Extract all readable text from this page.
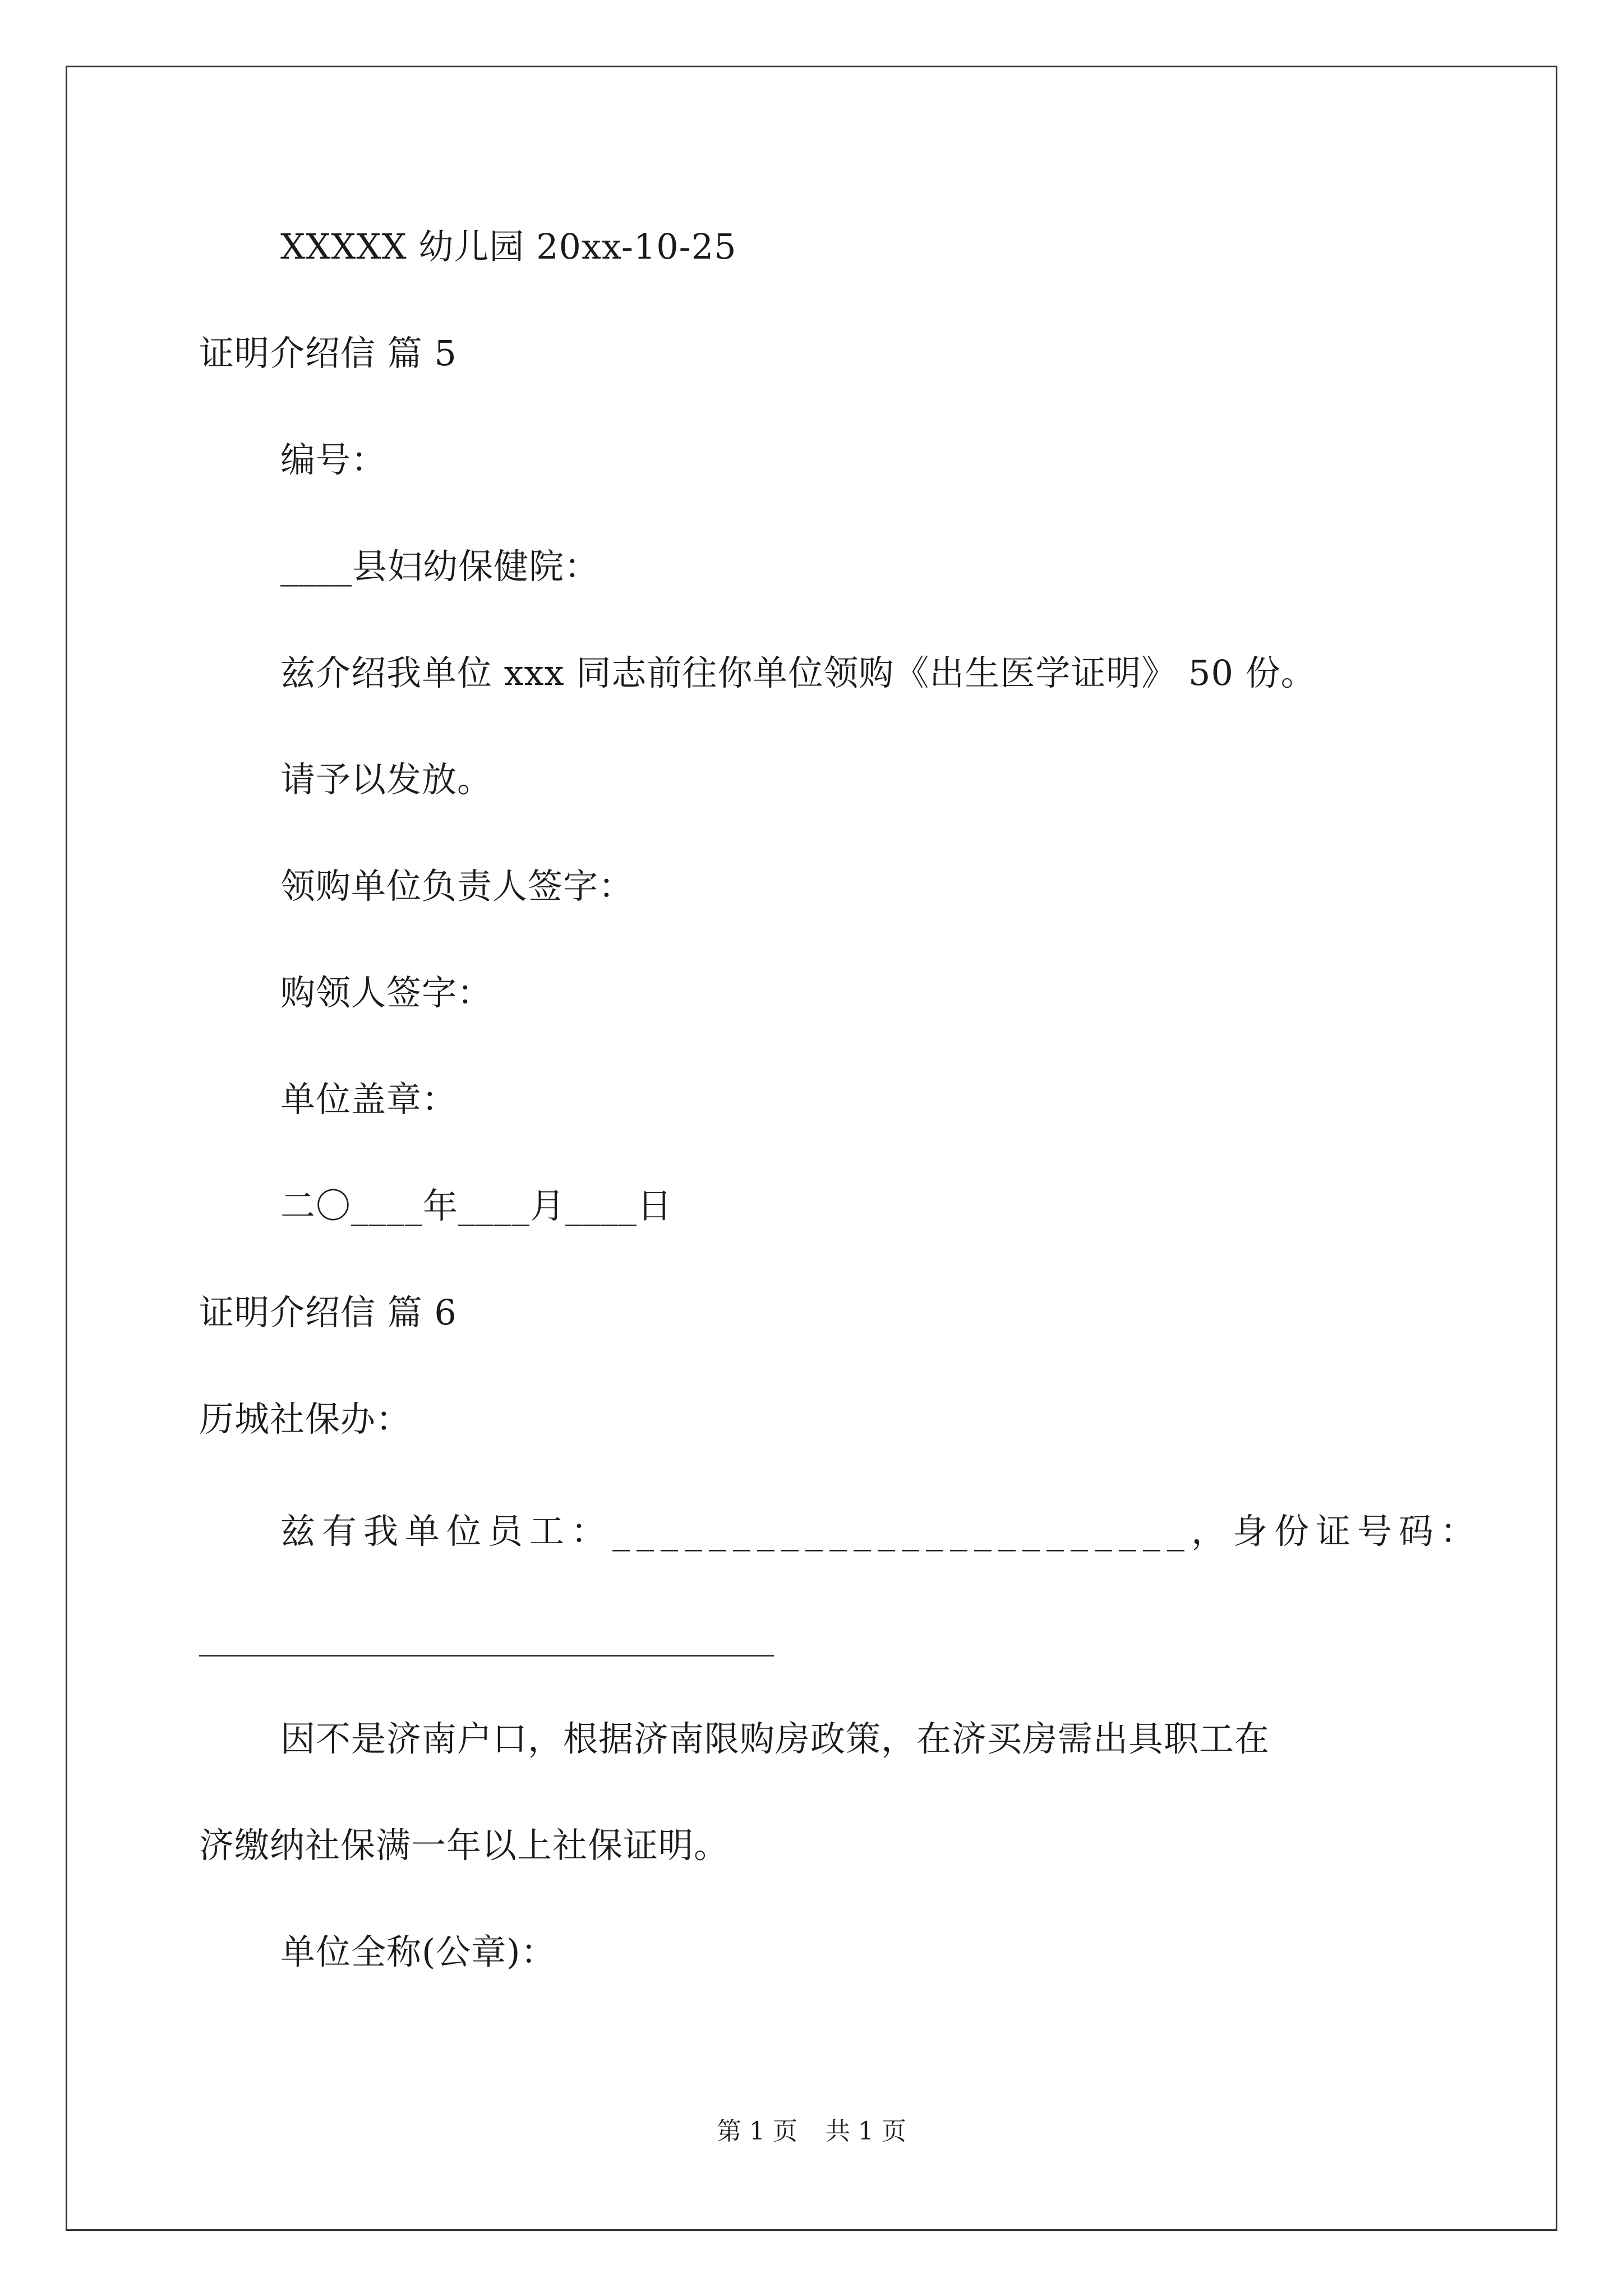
XXXXX 幼儿园 20xx-10-25
证明介绍信 篇 5
编号：
____县妇幼保健院：
兹介绍我单位 xxx 同志前往你单位领购《出生医学证明》 50 份。
请予以发放。
领购单位负责人签字：
购领人签字：
单位盖章：
二〇____年____月____日
证明介绍信 篇 6
历城社保办：
兹有我单位员工：________________________，身份证号码：
因不是济南户口，根据济南限购房政策，在济买房需出具职工在
济缴纳社保满一年以上社保证明。
单位全称(公章)：
第 1 页 共 1 页
